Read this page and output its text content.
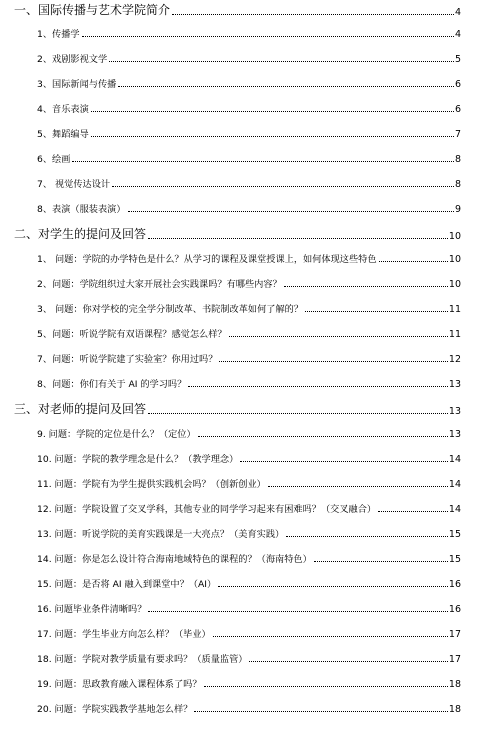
一、国际传播与艺术学院简介	4
1、传播学	4
2、戏剧影视文学	5
3、国际新闻与传播	6
4、音乐表演	6
5、舞蹈编导	7
6、绘画	8
7、 视觉传达设计	8
8、表演（服装表演）	9
二、对学生的提问及回答	10
1、 问题：学院的办学特色是什么？从学习的课程及课堂授课上，如何体现这些特色	10
2、问题：学院组织过大家开展社会实践课吗？有哪些内容？	10
3、 问题：你对学校的完全学分制改革、书院制改革如何了解的？	11
5、问题：听说学院有双语课程？感觉怎么样？	11
7、问题：听说学院建了实验室？你用过吗？	12
8、问题：你们有关于 AI 的学习吗？	13
三、对老师的提问及回答	13
9. 问题：学院的定位是什么？（定位）	13
10. 问题：学院的教学理念是什么？（教学理念）	14
11. 问题：学院有为学生提供实践机会吗？（创新创业）	14
12. 问题：学院设置了交叉学科，其他专业的同学学习起来有困难吗？（交叉融合）	14
13. 问题：听说学院的美育实践课是一大亮点？（美育实践）	15
14. 问题：你是怎么设计符合海南地域特色的课程的？（海南特色）	15
15. 问题：是否将 AI 融入到课堂中？（AI）	16
16. 问题毕业条件清晰吗？	16
17. 问题：学生毕业方向怎么样？（毕业）	17
18. 问题：学院对教学质量有要求吗？（质量监管）	17
19. 问题：思政教育融入课程体系了吗？	18
20. 问题：学院实践教学基地怎么样？	18
